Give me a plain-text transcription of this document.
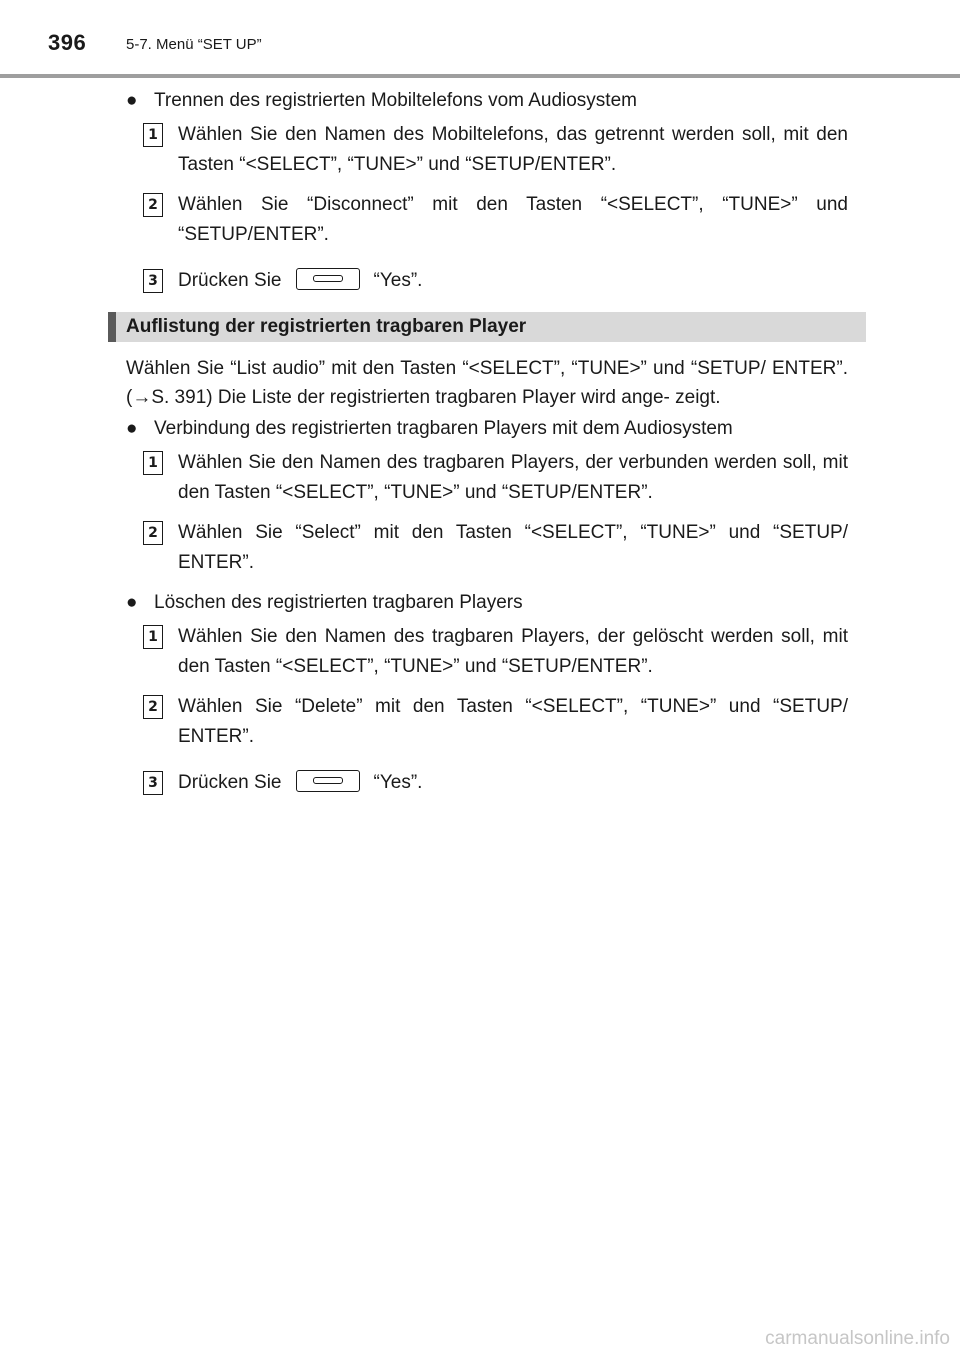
396	5-7. Menü “SET UP”
● Trennen des registrierten Mobiltelefons vom Audiosystem
1 Wählen Sie den Namen des Mobiltelefons, das getrennt werden soll, mit den Tasten “<SELECT”, “TUNE>” und “SETUP/ENTER”.
2 Wählen Sie “Disconnect” mit den Tasten “<SELECT”, “TUNE>” und “SETUP/ENTER”.
3 Drücken Sie	“Yes”.
Auflistung der registrierten tragbaren Player
Wählen Sie “List audio” mit den Tasten “<SELECT”, “TUNE>” und “SETUP/ ENTER”. (→S. 391) Die Liste der registrierten tragbaren Player wird ange- zeigt.
● Verbindung des registrierten tragbaren Players mit dem Audiosystem
1 Wählen Sie den Namen des tragbaren Players, der verbunden werden soll, mit den Tasten “<SELECT”, “TUNE>” und “SETUP/ENTER”.
2 Wählen Sie “Select” mit den Tasten “<SELECT”, “TUNE>” und “SETUP/ ENTER”.
● Löschen des registrierten tragbaren Players
1 Wählen Sie den Namen des tragbaren Players, der gelöscht werden soll, mit den Tasten “<SELECT”, “TUNE>” und “SETUP/ENTER”.
2 Wählen Sie “Delete” mit den Tasten “<SELECT”, “TUNE>” und “SETUP/ ENTER”.
3 Drücken Sie	“Yes”.
carmanualsonline.info
